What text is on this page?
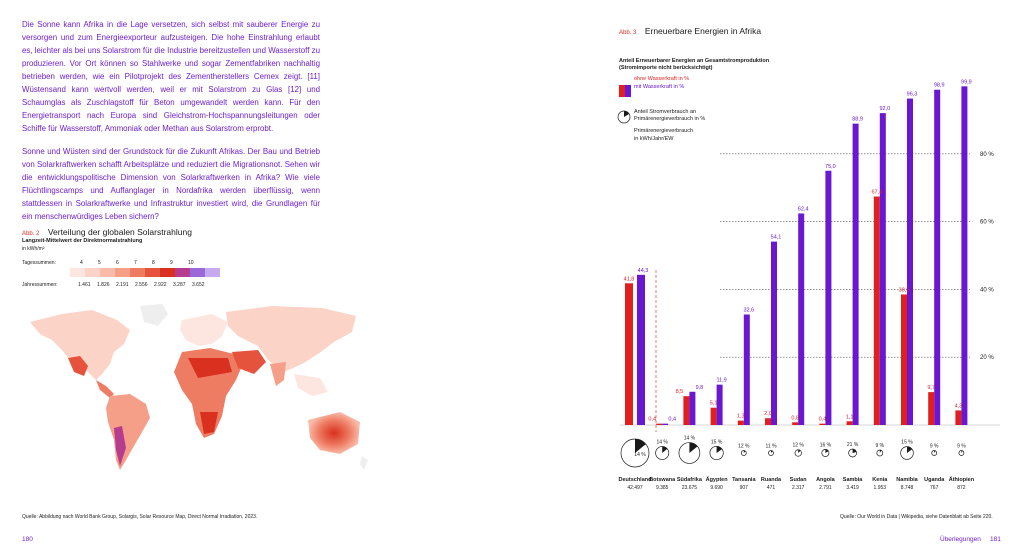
Die Sonne kann Afrika in die Lage versetzen, sich selbst mit sauberer Energie zu versorgen und zum Energieexporteur aufzusteigen. Die hohe Einstrahlung erlaubt es, leichter als bei uns Solarstrom für die Industrie bereitzustellen und Wasserstoff zu produzieren. Vor Ort können so Stahlwerke und sogar Zementfabriken nachhaltig betrieben werden, wie ein Pilotprojekt des Zementherstellers Cemex zeigt. [11] Wüstensand kann wertvoll werden, weil er mit Solarstrom zu Glas [12] und Schaumglas als Zuschlagstoff für Beton umgewandelt werden kann. Für den Energietransport nach Europa sind Gleichstrom-Hochspannungsleitungen oder Schiffe für Wasserstoff, Ammoniak oder Methan aus Solarstrom erprobt.

Sonne und Wüsten sind der Grundstock für die Zukunft Afrikas. Der Bau und Betrieb von Solarkraftwerken schafft Arbeitsplätze und reduziert die Migrationsnot. Sehen wir die entwicklungspolitische Dimension von Solarkraftwerken in Afrika? Wie viele Flüchtlingscamps und Auffanglager in Nordafrika werden überflüssig, wenn stattdessen in Solarkraftwerke und Infrastruktur investiert wird, die Grundlagen für ein menschenwürdiges Leben sichern?

Abb. 2 Verteilung der globalen Solarstrahlung
Langzeit-Mittelwert der Direktnormalstrahlung
in kWh/m²
Tagessummen:	4	5	6	7	8	9	10
Jahressummen:	1.461 1.826 2.191 2.556 2.922 3.287 3.652
Quelle: Abbildung nach World Bank Group, Solargis, Solar Resource Map, Direct Normal Irradiation, 2023.
180
Abb. 3 Erneuerbare Energien in Afrika
Anteil Erneuerbarer Energien an Gesamtstromproduktion
(Stromimporte nicht berücksichtigt)
ohne Wasserkraft in %
mit Wasserkraft in %
Anteil Stromverbrauch an
Primärenergieverbrauch in %
Primärenergieverbrauch
in kWh/Jahr/EW
20 %
40 %
60 %
80 %
41,8
44,3
Deutschland
42.497
0,4 0,4
Botswana
9.385
8,5
9,8
Südafrika
23.675
5,1
11,9
Ägypten
9.690
1,3
32,6
Tansania
907
2,0
54,1
Ruanda
471
0,8
62,4
Sudan
2.317
0,4
75,0
Angola
2.791
1,1
88,9
Sambia
3.419
67,4
92,0
Kenia
1.953
38,5
96,3
Namibia
8.748
9,7
98,9
Uganda
767
4,3
99,9
Äthiopien
872
14 %
14 %
14 %
15 %
12 %	11 %	12 %	16 %	21 %	9 %
15 %
9 %	9 %
Quelle: Our World in Data | Wikipedia, siehe Datenblatt ab Seite 220.
Überlegungen 181
